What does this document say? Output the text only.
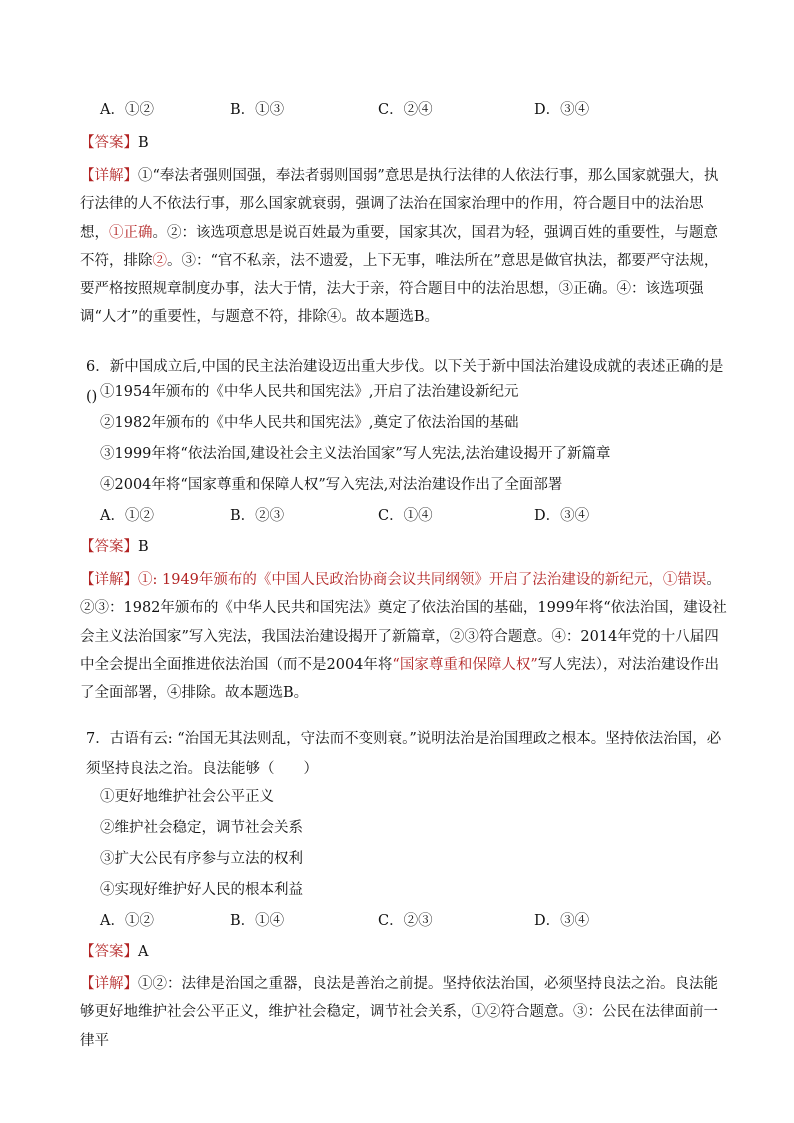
A．①②	B．①③	C．②④	D．③④
【答案】B

【详解】①“奉法者强则国强，奉法者弱则国弱”意思是执行法律的人依法行事，那么国家就强大，执行法律的人不依法行事，那么国家就衰弱，强调了法治在国家治理中的作用，符合题目中的法治思想，①正确。②：该选项意思是说百姓最为重要，国家其次，国君为轻，强调百姓的重要性，与题意不符，排除②。③：“官不私亲，法不遗爱，上下无事，唯法所在”意思是做官执法，都要严守法规，要严格按照规章制度办事，法大于情，法大于亲，符合题目中的法治思想，③正确。④：该选项强调“人才”的重要性，与题意不符，排除④。故本题选B。

6．新中国成立后,中国的民主法治建设迈出重大步伐。以下关于新中国法治建设成就的表述正确的是() ①1954年颁布的《中华人民共和国宪法》,开启了法治建设新纪元
②1982年颁布的《中华人民共和国宪法》,奠定了依法治国的基础
③1999年将“依法治国,建设社会主义法治国家”写人宪法,法治建设揭开了新篇章
④2004年将“国家尊重和保障人权”写入宪法,对法治建设作出了全面部署
A．①②	B．②③	C．①④	D．③④
【答案】B

【详解】①: 1949年颁布的《中国人民政治协商会议共同纲领》开启了法治建设的新纪元，①错误。②③：1982年颁布的《中华人民共和国宪法》奠定了依法治国的基础，1999年将“依法治国，建设社会主义法治国家”写入宪法，我国法治建设揭开了新篇章，②③符合题意。④：2014年党的十八届四中全会提出全面推进依法治国（而不是2004年将“国家尊重和保障人权”写人宪法），对法治建设作出了全面部署，④排除。故本题选B。

7．古语有云: “治国无其法则乱，守法而不变则衰。”说明法治是治国理政之根本。坚持依法治国，必须坚持良法之治。良法能够（　　）

①更好地维护社会公平正义
②维护社会稳定，调节社会关系
③扩大公民有序参与立法的权利
④实现好维护好人民的根本利益
A．①②	B．①④	C．②③	D．③④
【答案】A

【详解】①②：法律是治国之重器，良法是善治之前提。坚持依法治国，必须坚持良法之治。良法能够更好地维护社会公平正义，维护社会稳定，调节社会关系，①②符合题意。③：公民在法律面前一律平
